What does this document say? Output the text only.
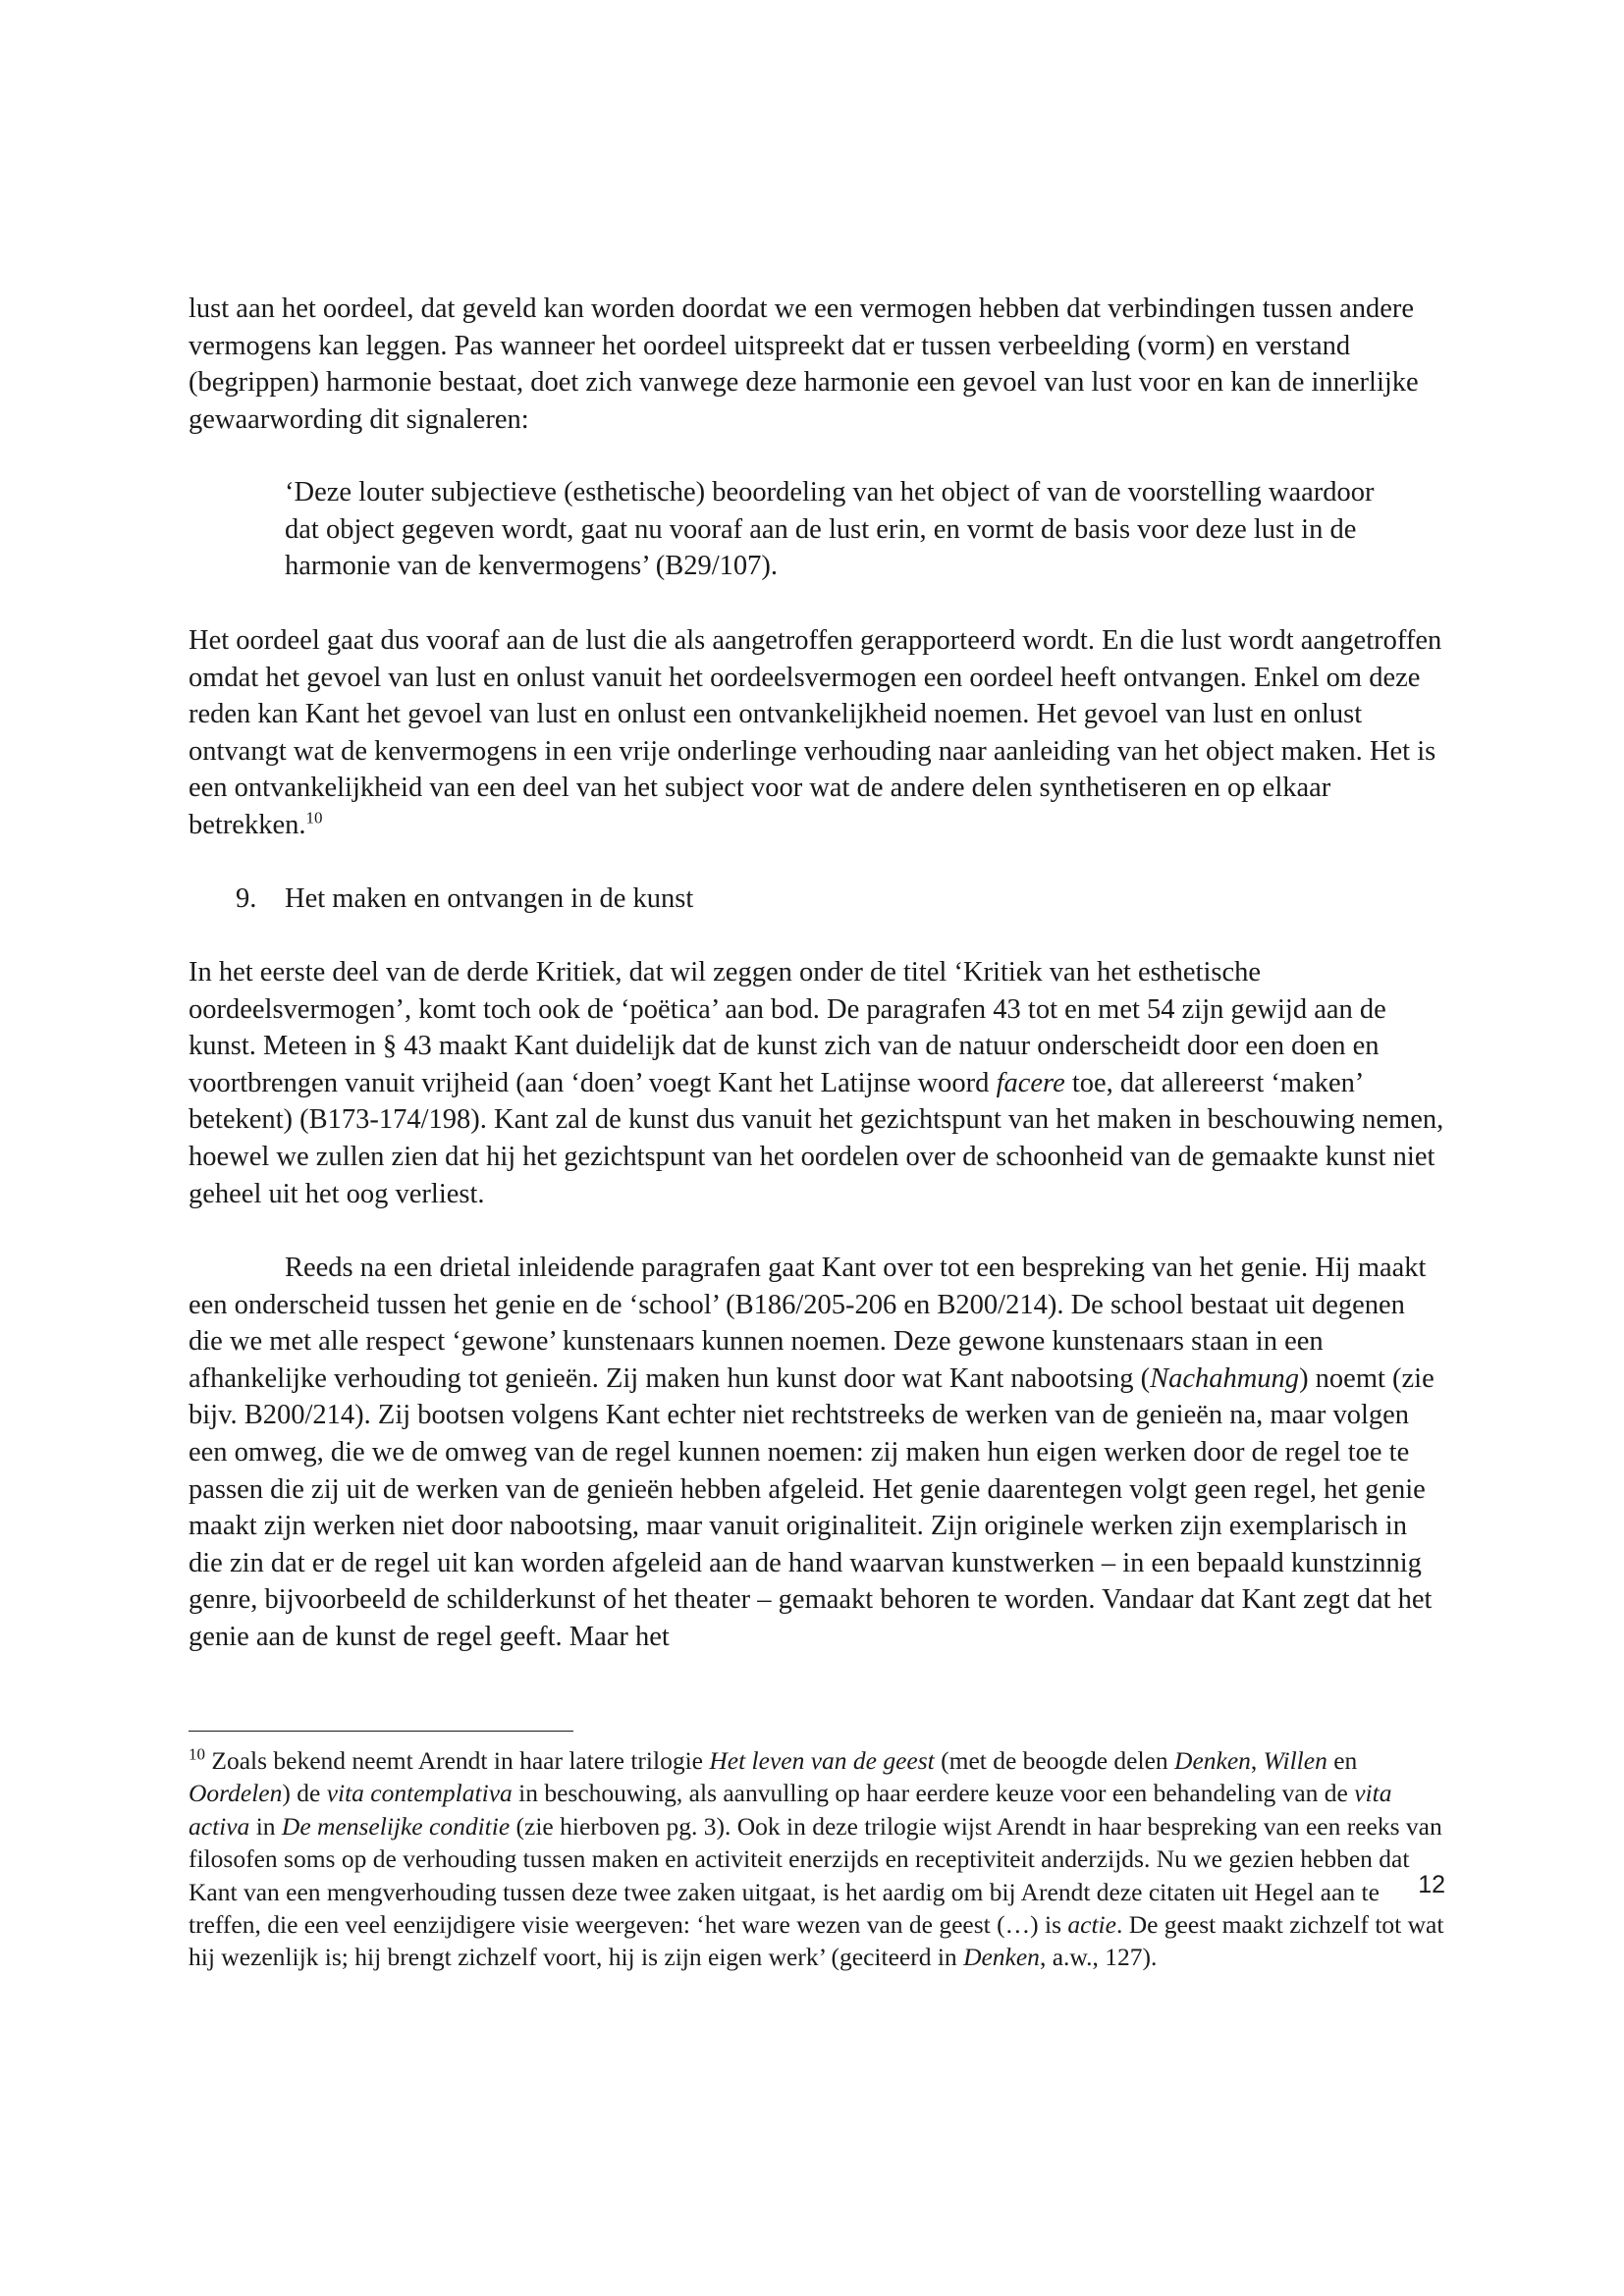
lust aan het oordeel, dat geveld kan worden doordat we een vermogen hebben dat verbindingen tussen andere vermogens kan leggen. Pas wanneer het oordeel uitspreekt dat er tussen verbeelding (vorm) en verstand (begrippen) harmonie bestaat, doet zich vanwege deze harmonie een gevoel van lust voor en kan de innerlijke gewaarwording dit signaleren:

‘Deze louter subjectieve (esthetische) beoordeling van het object of van de voorstelling waardoor dat object gegeven wordt, gaat nu vooraf aan de lust erin, en vormt de basis voor deze lust in de harmonie van de kenvermogens’ (B29/107).

Het oordeel gaat dus vooraf aan de lust die als aangetroffen gerapporteerd wordt. En die lust wordt aangetroffen omdat het gevoel van lust en onlust vanuit het oordeelsvermogen een oordeel heeft ontvangen. Enkel om deze reden kan Kant het gevoel van lust en onlust een ontvankelijkheid noemen. Het gevoel van lust en onlust ontvangt wat de kenvermogens in een vrije onderlinge verhouding naar aanleiding van het object maken. Het is een ontvankelijkheid van een deel van het subject voor wat de andere delen synthetiseren en op elkaar betrekken.$^{10}$

9. Het maken en ontvangen in de kunst

In het eerste deel van de derde Kritiek, dat wil zeggen onder de titel ‘Kritiek van het esthetische oordeelsvermogen’, komt toch ook de ‘poëtica’ aan bod. De paragrafen 43 tot en met 54 zijn gewijd aan de kunst. Meteen in § 43 maakt Kant duidelijk dat de kunst zich van de natuur onderscheidt door een doen en voortbrengen vanuit vrijheid (aan ‘doen’ voegt Kant het Latijnse woord facere toe, dat allereerst ‘maken’ betekent) (B173-174/198). Kant zal de kunst dus vanuit het gezichtspunt van het maken in beschouwing nemen, hoewel we zullen zien dat hij het gezichtspunt van het oordelen over de schoonheid van de gemaakte kunst niet geheel uit het oog verliest.

Reeds na een drietal inleidende paragrafen gaat Kant over tot een bespreking van het genie. Hij maakt een onderscheid tussen het genie en de ‘school’ (B186/205-206 en B200/214). De school bestaat uit degenen die we met alle respect ‘gewone’ kunstenaars kunnen noemen. Deze gewone kunstenaars staan in een afhankelijke verhouding tot genieën. Zij maken hun kunst door wat Kant nabootsing (Nachahmung) noemt (zie bijv. B200/214). Zij bootsen volgens Kant echter niet rechtstreeks de werken van de genieën na, maar volgen een omweg, die we de omweg van de regel kunnen noemen: zij maken hun eigen werken door de regel toe te passen die zij uit de werken van de genieën hebben afgeleid. Het genie daarentegen volgt geen regel, het genie maakt zijn werken niet door nabootsing, maar vanuit originaliteit. Zijn originele werken zijn exemplarisch in die zin dat er de regel uit kan worden afgeleid aan de hand waarvan kunstwerken – in een bepaald kunstzinnig genre, bijvoorbeeld de schilderkunst of het theater – gemaakt behoren te worden. Vandaar dat Kant zegt dat het genie aan de kunst de regel geeft. Maar het

$^{10}$ Zoals bekend neemt Arendt in haar latere trilogie Het leven van de geest (met de beoogde delen Denken, Willen en Oordelen) de vita contemplativa in beschouwing, als aanvulling op haar eerdere keuze voor een behandeling van de vita activa in De menselijke conditie (zie hierboven pg. 3). Ook in deze trilogie wijst Arendt in haar bespreking van een reeks van filosofen soms op de verhouding tussen maken en activiteit enerzijds en receptiviteit anderzijds. Nu we gezien hebben dat Kant van een mengverhouding tussen deze twee zaken uitgaat, is het aardig om bij Arendt deze citaten uit Hegel aan te treffen, die een veel eenzijdigere visie weergeven: ‘het ware wezen van de geest (…) is actie. De geest maakt zichzelf tot wat hij wezenlijk is; hij brengt zichzelf voort, hij is zijn eigen werk’ (geciteerd in Denken, a.w., 127).

12
